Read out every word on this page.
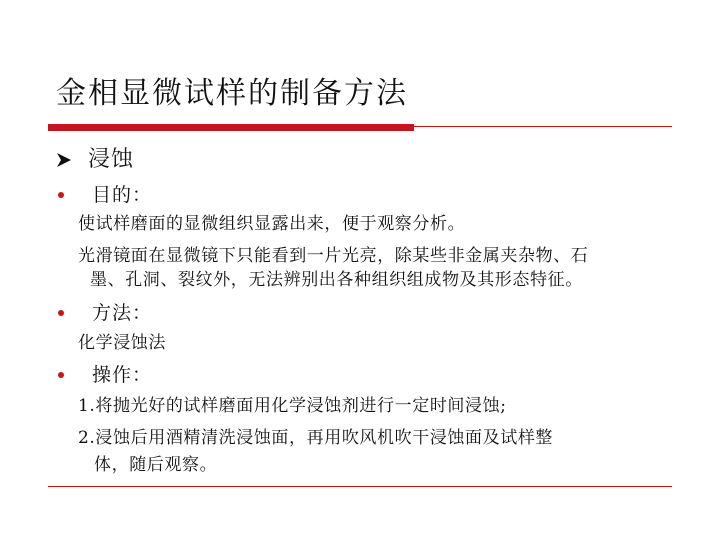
金相显微试样的制备方法
浸蚀
目的：
使试样磨面的显微组织显露出来，便于观察分析。
光滑镜面在显微镜下只能看到一片光亮，除某些非金属夹杂物、石
墨、孔洞、裂纹外，无法辨别出各种组织组成物及其形态特征。
方法：
化学浸蚀法
操作：
1.将抛光好的试样磨面用化学浸蚀剂进行一定时间浸蚀;
2.浸蚀后用酒精清洗浸蚀面，再用吹风机吹干浸蚀面及试样整
体，随后观察。
